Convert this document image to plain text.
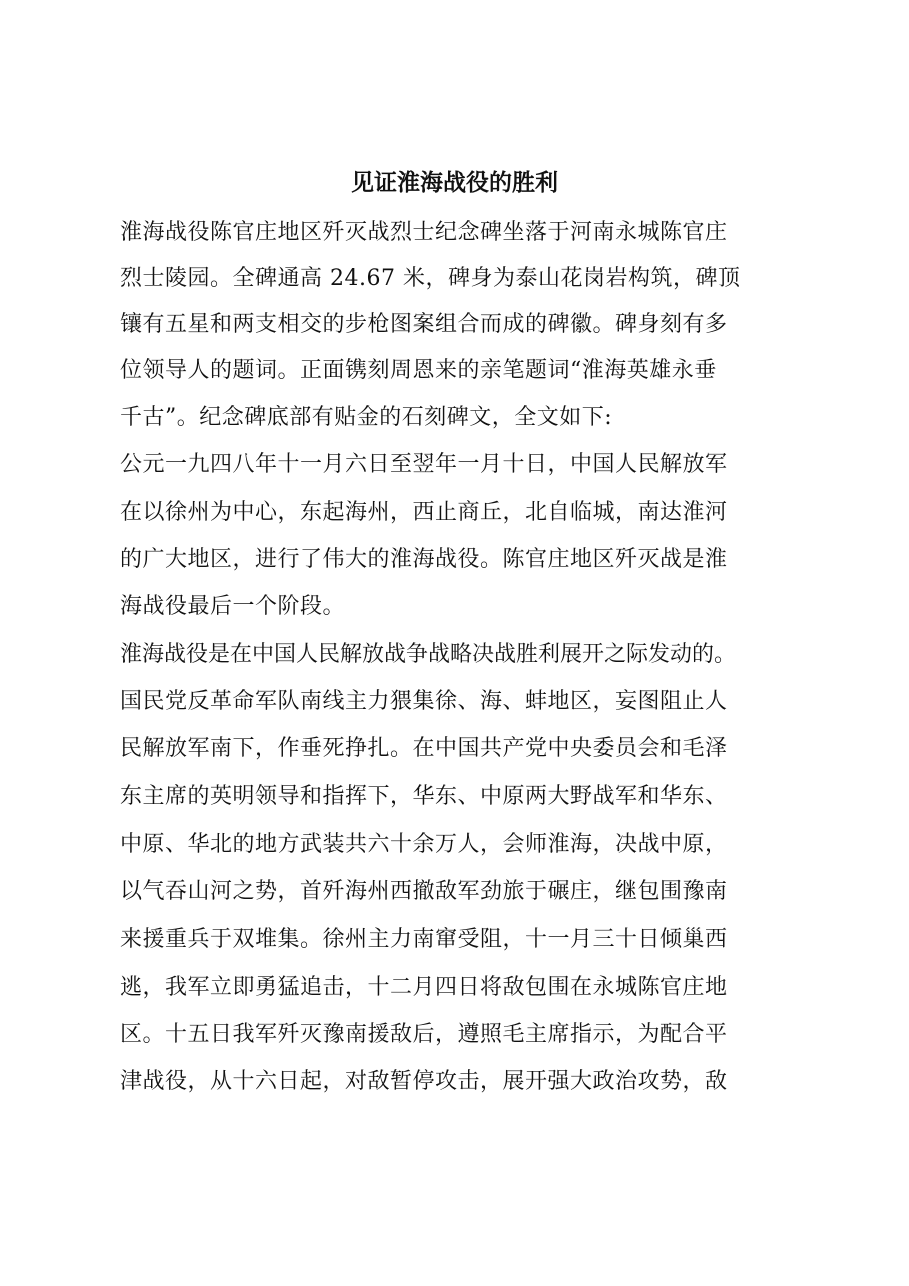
见证淮海战役的胜利

淮海战役陈官庄地区歼灭战烈士纪念碑坐落于河南永城陈官庄

烈士陵园。全碑通高 24.67 米，碑身为泰山花岗岩构筑，碑顶

镶有五星和两支相交的步枪图案组合而成的碑徽。碑身刻有多

位领导人的题词。正面镌刻周恩来的亲笔题词“淮海英雄永垂

千古”。纪念碑底部有贴金的石刻碑文，全文如下:

公元一九四八年十一月六日至翌年一月十日，中国人民解放军

在以徐州为中心，东起海州，西止商丘，北自临城，南达淮河

的广大地区，进行了伟大的淮海战役。陈官庄地区歼灭战是淮

海战役最后一个阶段。

淮海战役是在中国人民解放战争战略决战胜利展开之际发动的。

国民党反革命军队南线主力猥集徐、海、蚌地区，妄图阻止人

民解放军南下，作垂死挣扎。在中国共产党中央委员会和毛泽

东主席的英明领导和指挥下，华东、中原两大野战军和华东、

中原、华北的地方武装共六十余万人，会师淮海，决战中原，

以气吞山河之势，首歼海州西撤敌军劲旅于碾庄，继包围豫南

来援重兵于双堆集。徐州主力南窜受阻，十一月三十日倾巢西

逃，我军立即勇猛追击，十二月四日将敌包围在永城陈官庄地

区。十五日我军歼灭豫南援敌后，遵照毛主席指示，为配合平

津战役，从十六日起，对敌暂停攻击，展开强大政治攻势，敌
